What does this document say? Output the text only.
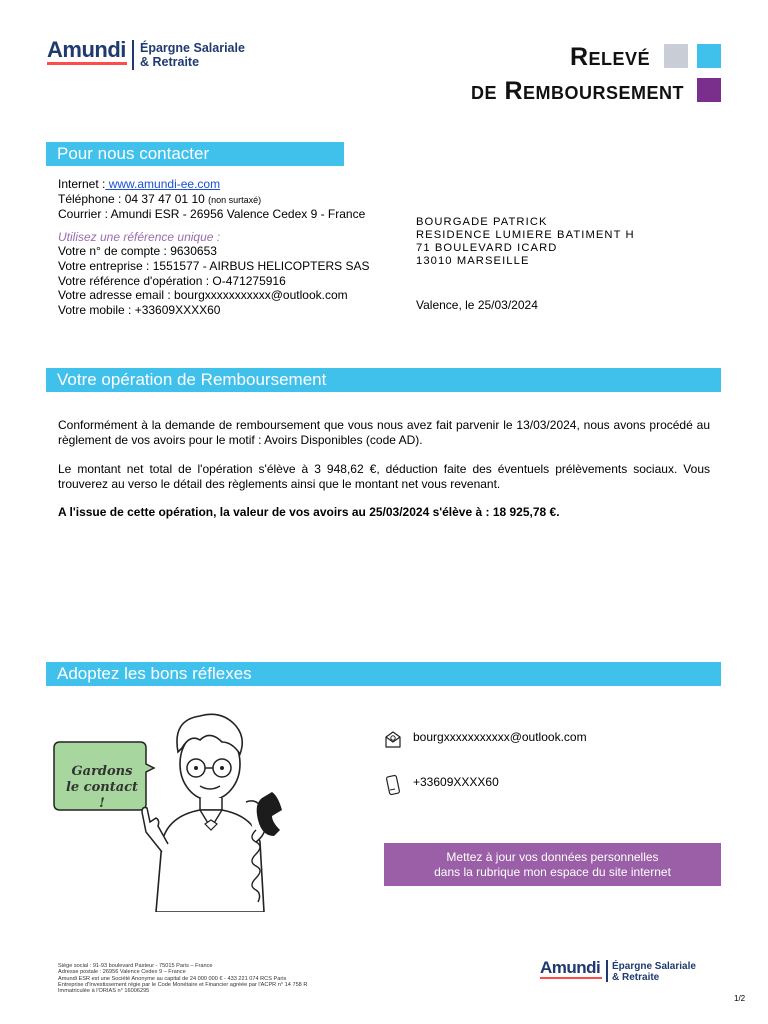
Amundi Épargne Salariale
& Retraite	Relevé
de Remboursement
Pour nous contacter
Internet : www.amundi-ee.com
Téléphone : 04 37 47 01 10 (non surtaxé)
Courrier : Amundi ESR - 26956 Valence Cedex 9 - France
Utilisez une référence unique :
Votre n° de compte : 9630653
Votre entreprise : 1551577 - AIRBUS HELICOPTERS SAS
Votre référence d'opération : O-471275916
Votre adresse email : bourgxxxxxxxxxxx@outlook.com
Votre mobile : +33609XXXX60
BOURGADE PATRICK
RESIDENCE LUMIERE BATIMENT H
71 BOULEVARD ICARD
13010 MARSEILLE
Valence, le 25/03/2024
Votre opération de Remboursement
Conformément à la demande de remboursement que vous nous avez fait parvenir le 13/03/2024, nous avons procédé au règlement de vos avoirs pour le motif : Avoirs Disponibles (code AD).
Le montant net total de l'opération s'élève à 3 948,62 €, déduction faite des éventuels prélèvements sociaux. Vous trouverez au verso le détail des règlements ainsi que le montant net vous revenant.
A l'issue de cette opération, la valeur de vos avoirs au 25/03/2024 s'élève à : 18 925,78 €.
Adoptez les bons réflexes
Gardons
le contact !
bourgxxxxxxxxxxx@outlook.com
+33609XXXX60
Mettez à jour vos données personnelles
dans la rubrique mon espace du site internet
Siège social : 91-93 boulevard Pasteur - 75015 Paris – France
Adresse postale : 26956 Valence Cedex 9 – France
Amundi ESR est une Société Anonyme au capital de 24 000 000 € - 433 221 074 RCS Paris
Entreprise d'Investissement régie par le Code Monétaire et Financier agréée par l'ACPR n° 14 758 R
Immatriculée à l'ORIAS n° 16006295
Amundi Épargne Salariale
& Retraite
1/2
